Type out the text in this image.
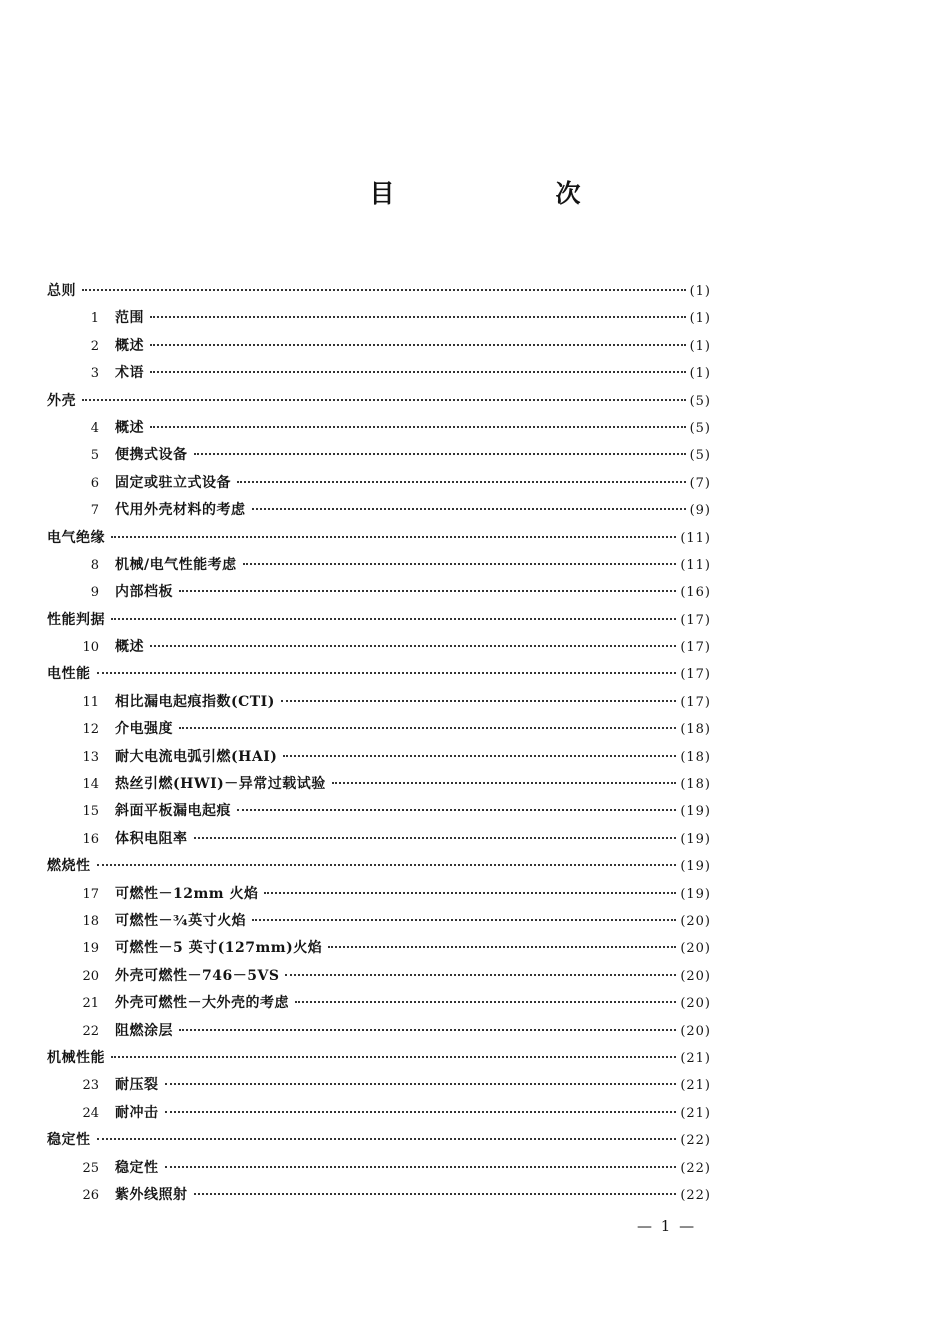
目　次
总则	(1)
1	范围	(1)
2	概述	(1)
3	术语	(1)
外壳	(5)
4	概述	(5)
5	便携式设备	(5)
6	固定或驻立式设备	(7)
7	代用外壳材料的考虑	(9)
电气绝缘	(11)
8	机械/电气性能考虑	(11)
9	内部档板	(16)
性能判据	(17)
10	概述	(17)
电性能	(17)
11	相比漏电起痕指数(CTI)	(17)
12	介电强度	(18)
13	耐大电流电弧引燃(HAI)	(18)
14	热丝引燃(HWI)－异常过载试验	(18)
15	斜面平板漏电起痕	(19)
16	体积电阻率	(19)
燃烧性	(19)
17	可燃性－12mm 火焰	(19)
18	可燃性－¾英寸火焰	(20)
19	可燃性－5 英寸(127mm)火焰	(20)
20	外壳可燃性－746－5VS	(20)
21	外壳可燃性－大外壳的考虑	(20)
22	阻燃涂层	(20)
机械性能	(21)
23	耐压裂	(21)
24	耐冲击	(21)
稳定性	(22)
25	稳定性	(22)
26	紫外线照射	(22)
— 1 —
